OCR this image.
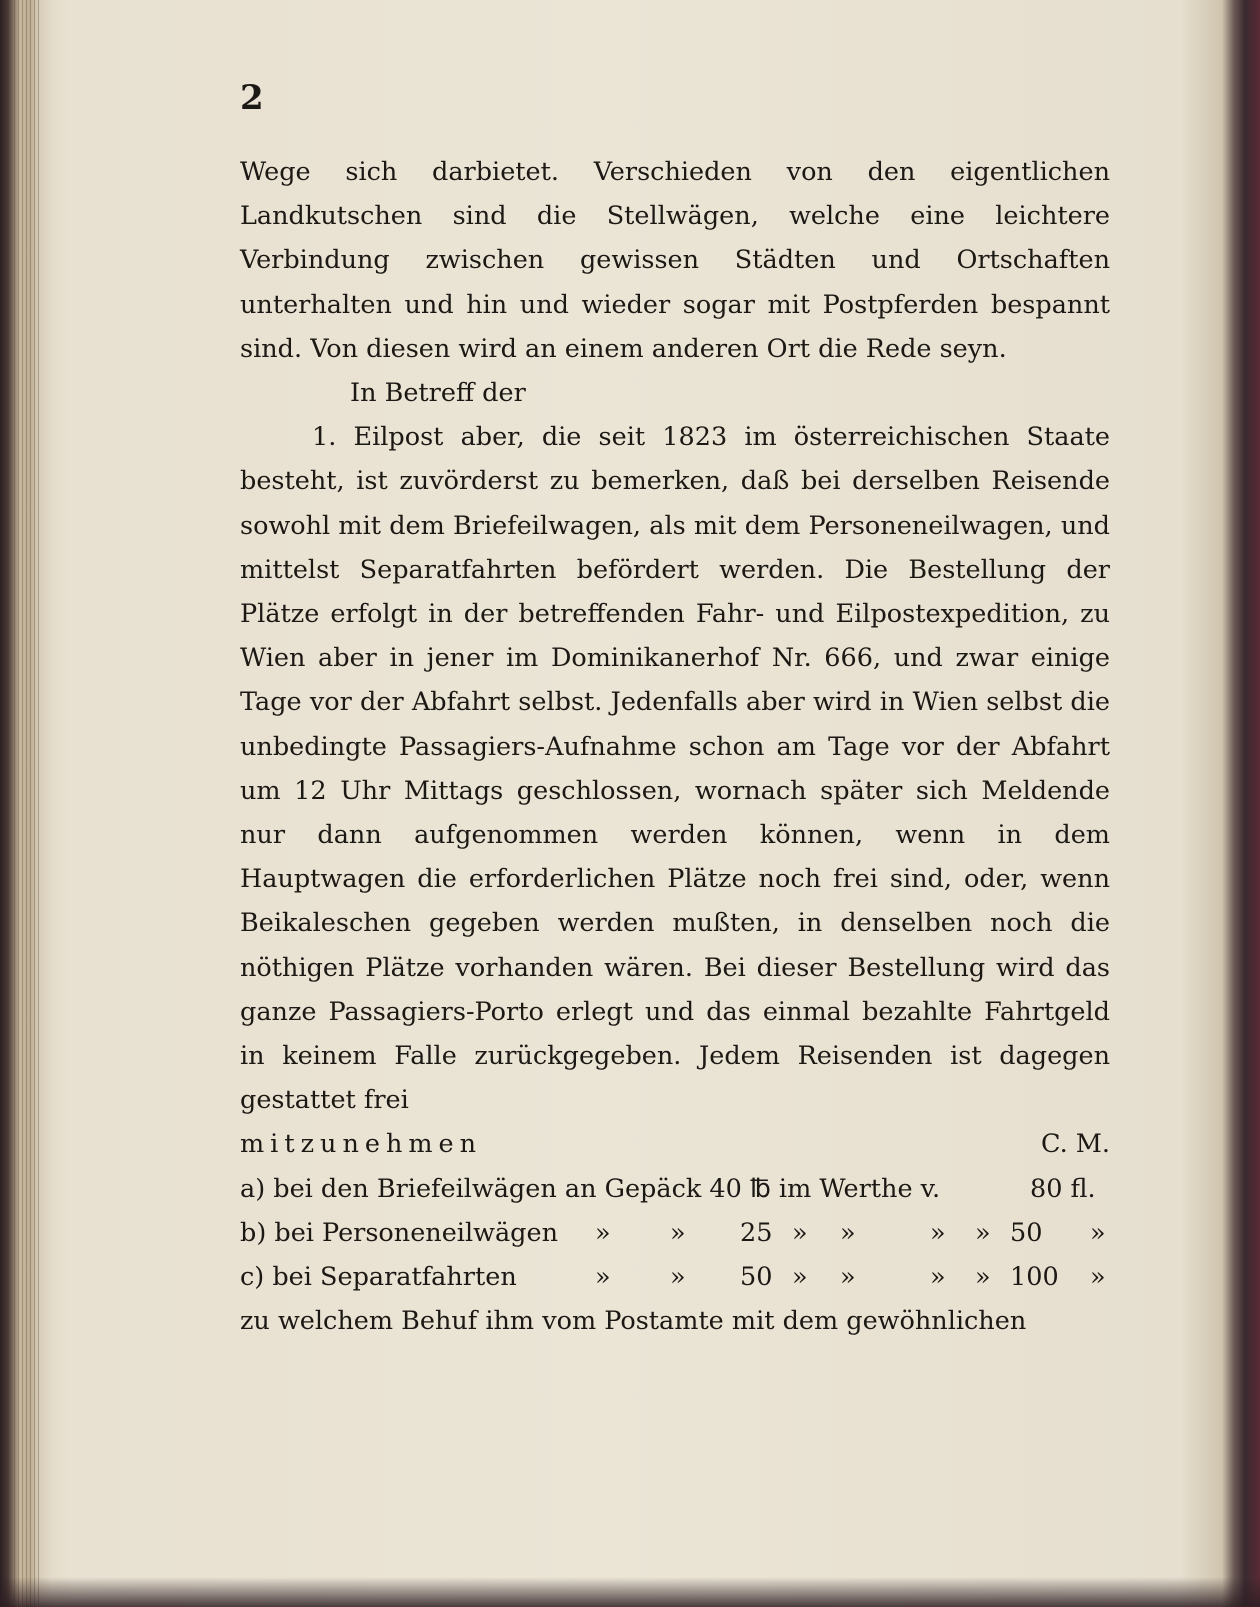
2

Wege sich darbietet. Verschieden von den eigentlichen Landkutschen sind die Stellwägen, welche eine leichtere Verbindung zwischen gewissen Städten und Ortschaften unterhalten und hin und wieder sogar mit Postpferden bespannt sind. Von diesen wird an einem anderen Ort die Rede seyn.

In Betreff der

1. Eilpost aber, die seit 1823 im österreichischen Staate besteht, ist zuvörderst zu bemerken, daß bei derselben Reisende sowohl mit dem Briefeilwagen, als mit dem Personeneilwagen, und mittelst Separatfahrten befördert werden. Die Bestellung der Plätze erfolgt in der betreffenden Fahr- und Eilpostexpedition, zu Wien aber in jener im Dominikanerhof Nr. 666, und zwar einige Tage vor der Abfahrt selbst. Jedenfalls aber wird in Wien selbst die unbedingte Passagiers-Aufnahme schon am Tage vor der Abfahrt um 12 Uhr Mittags geschlossen, wornach später sich Meldende nur dann aufgenommen werden können, wenn in dem Hauptwagen die erforderlichen Plätze noch frei sind, oder, wenn Beikaleschen gegeben werden mußten, in denselben noch die nöthigen Plätze vorhanden wären. Bei dieser Bestellung wird das ganze Passagiers-Porto erlegt und das einmal bezahlte Fahrtgeld in keinem Falle zurückgegeben. Jedem Reisenden ist dagegen gestattet frei

mitzunehmen	C. M.
a) bei den Briefeilwägen an Gepäck 40 ℔ im Werthe v.	80 fl.
b) bei Personeneilwägen » » 25 » »	» » 50 »
c) bei Separatfahrten	» » 50 » »	» » 100 »

zu welchem Behuf ihm vom Postamte mit dem gewöhnlichen
